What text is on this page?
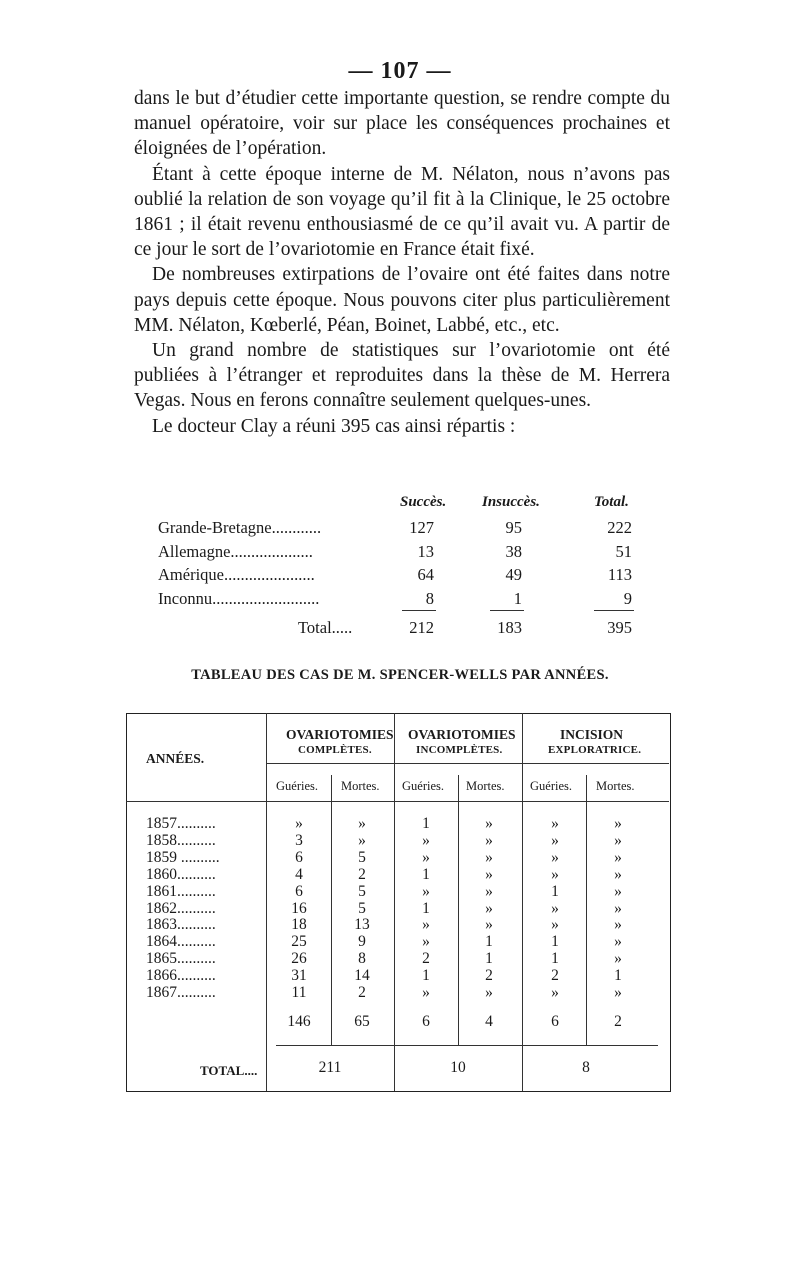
— 107 —

dans le but d’étudier cette importante question, se rendre compte du manuel opératoire, voir sur place les conséquences prochaines et éloignées de l’opération.

Étant à cette époque interne de M. Nélaton, nous n’avons pas oublié la relation de son voyage qu’il fit à la Clinique, le 25 octobre 1861 ; il était revenu enthousiasmé de ce qu’il avait vu. A partir de ce jour le sort de l’ovariotomie en France était fixé.

De nombreuses extirpations de l’ovaire ont été faites dans notre pays depuis cette époque. Nous pouvons citer plus particulièrement MM. Nélaton, Kœberlé, Péan, Boinet, Labbé, etc., etc.

Un grand nombre de statistiques sur l’ovariotomie ont été publiées à l’étranger et reproduites dans la thèse de M. Herrera Vegas. Nous en ferons connaître seulement quelques-unes.

Le docteur Clay a réuni 395 cas ainsi répartis :

Succès. Insuccès.	Total.
Grande-Bretagne............	127	95	222
Allemagne....................	13	38	51
Amérique......................	64	49	113
Inconnu..........................	8	1	9
Total.....	212	183	395
TABLEAU DES CAS DE M. SPENCER-WELLS PAR ANNÉES.
ANNÉES.
OVARIOTOMIES
COMPLÈTES.
OVARIOTOMIES
INCOMPLÈTES.
INCISION
EXPLORATRICE.
Guéries. Mortes. Guéries. Mortes. Guéries. Mortes.
1857..........	»	»	1	»	»	»
1858..........	3	»	»	»	»	»
1859 ..........	6	5	»	»	»	»
1860..........	4	2	1	»	»	»
1861..........	6	5	»	»	1	»
1862..........	16	5	1	»	»	»
1863..........	18	13	»	»	»	»
1864..........	25	9	»	1	1	»
1865..........	26	8	2	1	1	»
1866..........	31	14	1	2	2	1
1867..........	11	2	»	»	»	»
146	65	6	4	6	2
TOTAL....	211	10	8
